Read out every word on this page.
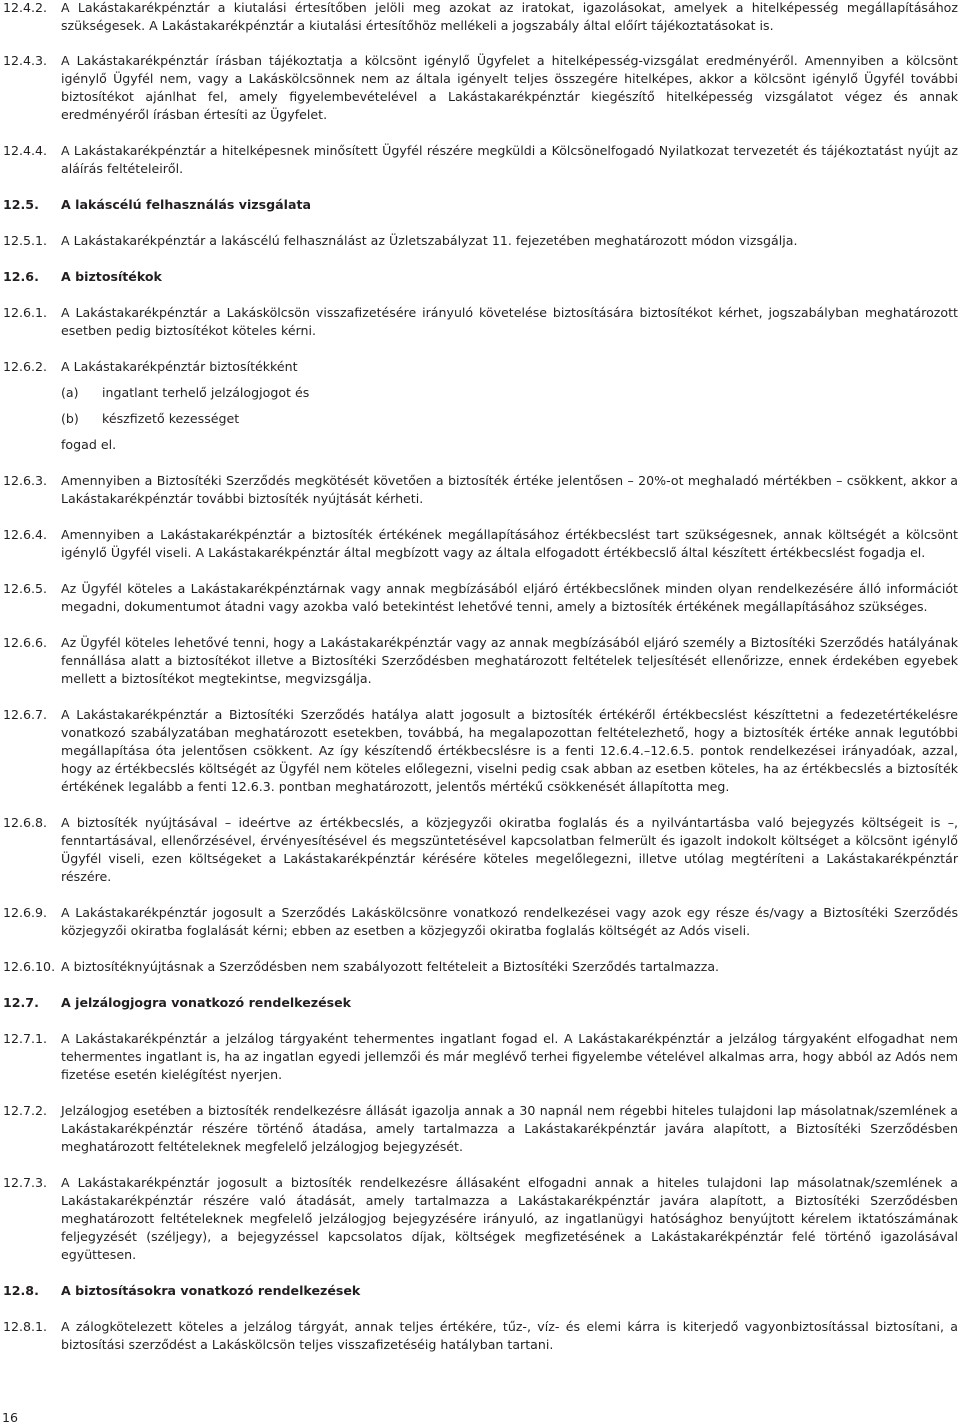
12.4.2.	A Lakástakarékpénztár a kiutalási értesítőben jelöli meg azokat az iratokat, igazolásokat, amelyek a hitelképesség megállapításához szükségesek. A Lakástakarékpénztár a kiutalási értesítőhöz mellékeli a jogszabály által előírt tájékoztatásokat is.
12.4.3.	A Lakástakarékpénztár írásban tájékoztatja a kölcsönt igénylő Ügyfelet a hitelképesség-vizsgálat eredményéről. Amennyiben a kölcsönt igénylő Ügyfél nem, vagy a Lakáskölcsönnek nem az általa igényelt teljes összegére hitelképes, akkor a kölcsönt igénylő Ügyfél további biztosítékot ajánlhat fel, amely figyelembevételével a Lakástakarékpénztár kiegészítő hitelképesség vizsgálatot végez és annak eredményéről írásban értesíti az Ügyfelet.
12.4.4.	A Lakástakarékpénztár a hitelképesnek minősített Ügyfél részére megküldi a Kölcsönelfogadó Nyilatkozat tervezetét és tájékoztatást nyújt az aláírás feltételeiről.
12.5.	A lakáscélú felhasználás vizsgálata
12.5.1.	A Lakástakarékpénztár a lakáscélú felhasználást az Üzletszabályzat 11. fejezetében meghatározott módon vizsgálja.
12.6.	A biztosítékok
12.6.1.	A Lakástakarékpénztár a Lakáskölcsön visszafizetésére irányuló követelése biztosítására biztosítékot kérhet, jogszabályban meghatározott esetben pedig biztosítékot köteles kérni.
12.6.2.	A Lakástakarékpénztár biztosítékként
(a)	ingatlant terhelő jelzálogjogot és
(b)	készfizető kezességet
fogad el.
12.6.3.	Amennyiben a Biztosítéki Szerződés megkötését követően a biztosíték értéke jelentősen – 20%-ot meghaladó mértékben – csökkent, akkor a Lakástakarékpénztár további biztosíték nyújtását kérheti.
12.6.4.	Amennyiben a Lakástakarékpénztár a biztosíték értékének megállapításához értékbecslést tart szükségesnek, annak költségét a kölcsönt igénylő Ügyfél viseli. A Lakástakarékpénztár által megbízott vagy az általa elfogadott értékbecslő által készített értékbecslést fogadja el.
12.6.5.	Az Ügyfél köteles a Lakástakarékpénztárnak vagy annak megbízásából eljáró értékbecslőnek minden olyan rendelkezésére álló információt megadni, dokumentumot átadni vagy azokba való betekintést lehetővé tenni, amely a biztosíték értékének megállapításához szükséges.
12.6.6.	Az Ügyfél köteles lehetővé tenni, hogy a Lakástakarékpénztár vagy az annak megbízásából eljáró személy a Biztosítéki Szerződés hatályának fennállása alatt a biztosítékot illetve a Biztosítéki Szerződésben meghatározott feltételek teljesítését ellenőrizze, ennek érdekében egyebek mellett a biztosítékot megtekintse, megvizsgálja.
12.6.7.	A Lakástakarékpénztár a Biztosítéki Szerződés hatálya alatt jogosult a biztosíték értékéről értékbecslést készíttetni a fedezetértékelésre vonatkozó szabályzatában meghatározott esetekben, továbbá, ha megalapozottan feltételezhető, hogy a biztosíték értéke annak legutóbbi megállapítása óta jelentősen csökkent. Az így készítendő értékbecslésre is a fenti 12.6.4.–12.6.5. pontok rendelkezései irányadóak, azzal, hogy az értékbecslés költségét az Ügyfél nem köteles előlegezni, viselni pedig csak abban az esetben köteles, ha az értékbecslés a biztosíték értékének legalább a fenti 12.6.3. pontban meghatározott, jelentős mértékű csökkenését állapította meg.
12.6.8.	A biztosíték nyújtásával – ideértve az értékbecslés, a közjegyzői okiratba foglalás és a nyilvántartásba való bejegyzés költségeit is –, fenntartásával, ellenőrzésével, érvényesítésével és megszüntetésével kapcsolatban felmerült és igazolt indokolt költséget a kölcsönt igénylő Ügyfél viseli, ezen költségeket a Lakástakarékpénztár kérésére köteles megelőlegezni, illetve utólag megtéríteni a Lakástakarékpénztár részére.
12.6.9.	A Lakástakarékpénztár jogosult a Szerződés Lakáskölcsönre vonatkozó rendelkezései vagy azok egy része és/vagy a Biztosítéki Szerződés közjegyzői okiratba foglalását kérni; ebben az esetben a közjegyzői okiratba foglalás költségét az Adós viseli.
12.6.10. A biztosítéknyújtásnak a Szerződésben nem szabályozott feltételeit a Biztosítéki Szerződés tartalmazza.
12.7.	A jelzálogjogra vonatkozó rendelkezések
12.7.1.	A Lakástakarékpénztár a jelzálog tárgyaként tehermentes ingatlant fogad el. A Lakástakarékpénztár a jelzálog tárgyaként elfogadhat nem tehermentes ingatlant is, ha az ingatlan egyedi jellemzői és már meglévő terhei figyelembe vételével alkalmas arra, hogy abból az Adós nem fizetése esetén kielégítést nyerjen.
12.7.2.	Jelzálogjog esetében a biztosíték rendelkezésre állását igazolja annak a 30 napnál nem régebbi hiteles tulajdoni lap másolatnak/szemlének a Lakástakarékpénztár részére történő átadása, amely tartalmazza a Lakástakarékpénztár javára alapított, a Biztosítéki Szerződésben meghatározott feltételeknek megfelelő jelzálogjog bejegyzését.
12.7.3.	A Lakástakarékpénztár jogosult a biztosíték rendelkezésre állásaként elfogadni annak a hiteles tulajdoni lap másolatnak/szemlének a Lakástakarékpénztár részére való átadását, amely tartalmazza a Lakástakarékpénztár javára alapított, a Biztosítéki Szerződésben meghatározott feltételeknek megfelelő jelzálogjog bejegyzésére irányuló, az ingatlanügyi hatósághoz benyújtott kérelem iktatószámának feljegyzését (széljegy), a bejegyzéssel kapcsolatos díjak, költségek megfizetésének a Lakástakarékpénztár felé történő igazolásával együttesen.
12.8.	A biztosításokra vonatkozó rendelkezések
12.8.1.	A zálogkötelezett köteles a jelzálog tárgyát, annak teljes értékére, tűz-, víz- és elemi kárra is kiterjedő vagyonbiztosítással biztosítani, a biztosítási szerződést a Lakáskölcsön teljes visszafizetéséig hatályban tartani.
16
